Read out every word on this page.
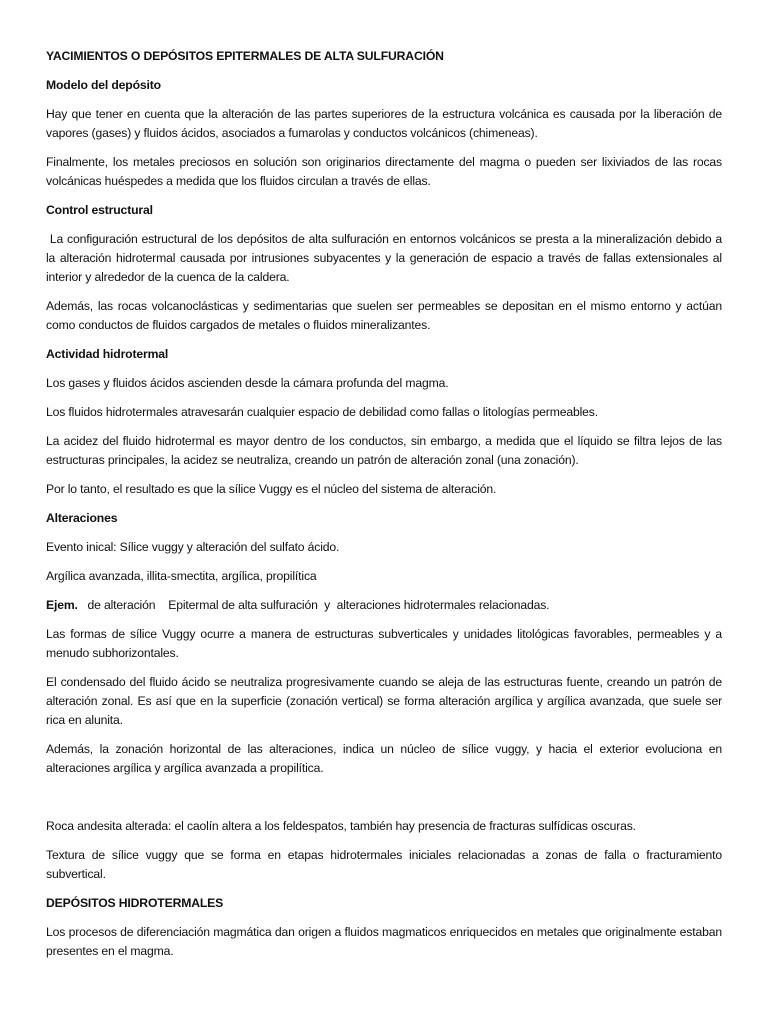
YACIMIENTOS O DEPÓSITOS EPITERMALES DE ALTA SULFURACIÓN
Modelo del depósito

Hay que tener en cuenta que la alteración de las partes superiores de la estructura volcánica es causada por la liberación de vapores (gases) y fluidos ácidos, asociados a fumarolas y conductos volcánicos (chimeneas).

Finalmente, los metales preciosos en solución son originarios directamente del magma o pueden ser lixiviados de las rocas volcánicas huéspedes a medida que los fluidos circulan a través de ellas.

Control estructural

La configuración estructural de los depósitos de alta sulfuración en entornos volcánicos se presta a la mineralización debido a la alteración hidrotermal causada por intrusiones subyacentes y la generación de espacio a través de fallas extensionales al interior y alrededor de la cuenca de la caldera.

Además, las rocas volcanoclásticas y sedimentarias que suelen ser permeables se depositan en el mismo entorno y actúan como conductos de fluidos cargados de metales o fluidos mineralizantes.

Actividad hidrotermal

Los gases y fluidos ácidos ascienden desde la cámara profunda del magma.

Los fluidos hidrotermales atravesarán cualquier espacio de debilidad como fallas o litologías permeables.

La acidez del fluido hidrotermal es mayor dentro de los conductos, sin embargo, a medida que el líquido se filtra lejos de las estructuras principales, la acidez se neutraliza, creando un patrón de alteración zonal (una zonación).

Por lo tanto, el resultado es que la sílice Vuggy es el núcleo del sistema de alteración.

Alteraciones

Evento inical: Sílice vuggy y alteración del sulfato ácido.

Argílica avanzada, illita-smectita, argílica, propilítica

Ejem.   de alteración    Epitermal de alta sulfuración  y  alteraciones hidrotermales relacionadas.

Las formas de sílice Vuggy ocurre a manera de estructuras subverticales y unidades litológicas favorables, permeables y a menudo subhorizontales.

El condensado del fluido ácido se neutraliza progresivamente cuando se aleja de las estructuras fuente, creando un patrón de alteración zonal. Es así que en la superficie (zonación vertical) se forma alteración argílica y argílica avanzada, que suele ser rica en alunita.

Además, la zonación horizontal de las alteraciones, indica un núcleo de sílice vuggy, y hacia el exterior evoluciona en alteraciones argílica y argílica avanzada a propilítica.

Roca andesita alterada: el caolín altera a los feldespatos, también hay presencia de fracturas sulfídicas oscuras.

Textura de sílice vuggy que se forma en etapas hidrotermales iniciales relacionadas a zonas de falla o fracturamiento subvertical.

DEPÓSITOS HIDROTERMALES

Los procesos de diferenciación magmática dan origen a fluidos magmaticos enriquecidos en metales que originalmente estaban presentes en el magma.
